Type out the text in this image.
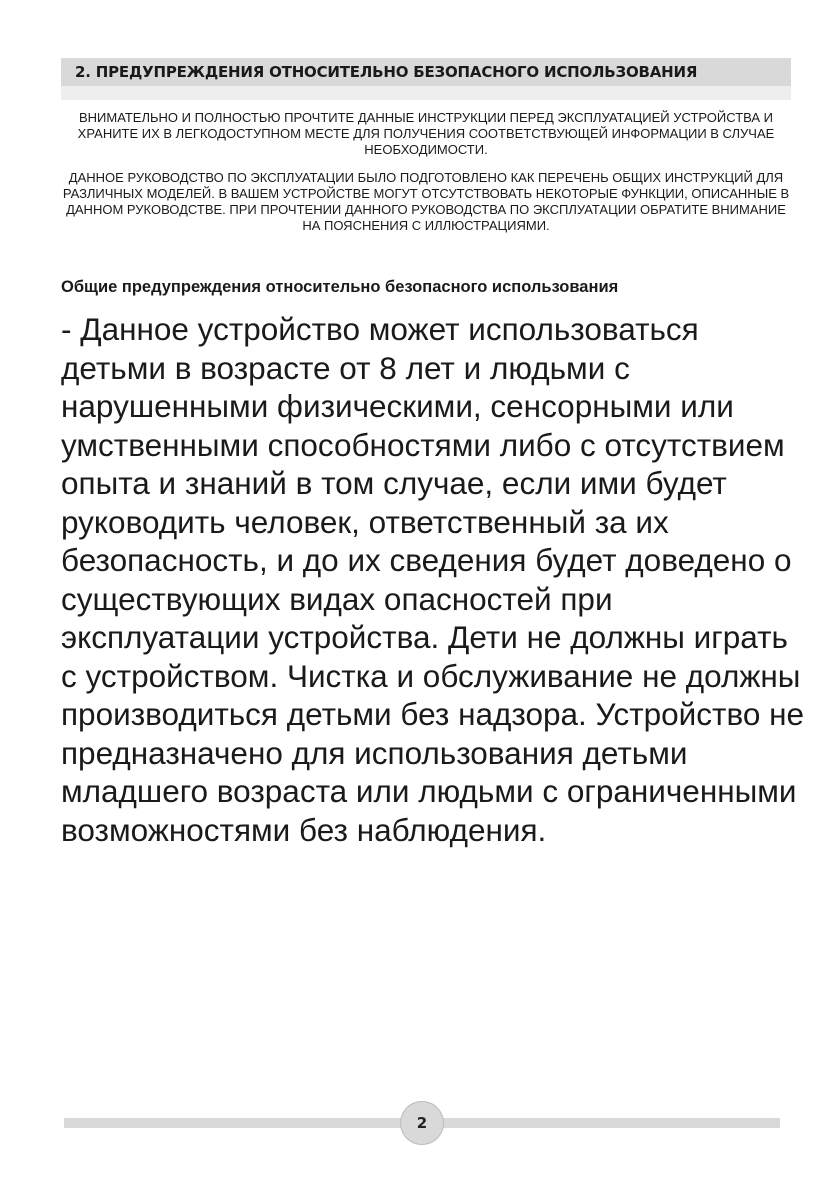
2. ПРЕДУПРЕЖДЕНИЯ ОТНОСИТЕЛЬНО БЕЗОПАСНОГО ИСПОЛЬЗОВАНИЯ

ВНИМАТЕЛЬНО И ПОЛНОСТЬЮ ПРОЧТИТЕ ДАННЫЕ ИНСТРУКЦИИ ПЕРЕД ЭКСПЛУАТАЦИЕЙ УСТРОЙСТВА И ХРАНИТЕ ИХ В ЛЕГКОДОСТУПНОМ МЕСТЕ ДЛЯ ПОЛУЧЕНИЯ СООТВЕТСТВУЮЩЕЙ ИНФОРМАЦИИ В СЛУЧАЕ НЕОБХОДИМОСТИ.

ДАННОЕ РУКОВОДСТВО ПО ЭКСПЛУАТАЦИИ БЫЛО ПОДГОТОВЛЕНО КАК ПЕРЕЧЕНЬ ОБЩИХ ИНСТРУКЦИЙ ДЛЯ РАЗЛИЧНЫХ МОДЕЛЕЙ. В ВАШЕМ УСТРОЙСТВЕ МОГУТ ОТСУТСТВОВАТЬ НЕКОТОРЫЕ ФУНКЦИИ, ОПИСАННЫЕ В ДАННОМ РУКОВОДСТВЕ. ПРИ ПРОЧТЕНИИ ДАННОГО РУКОВОДСТВА ПО ЭКСПЛУАТАЦИИ ОБРАТИТЕ ВНИМАНИЕ НА ПОЯСНЕНИЯ С ИЛЛЮСТРАЦИЯМИ.

Общие предупреждения относительно безопасного использования

- Данное устройство может использоваться детьми в возрасте от 8 лет и людьми с нарушенными физическими, сенсорными или умственными способностями либо с отсутствием опыта и знаний в том случае, если ими будет руководить человек, ответственный за их безопасность, и до их сведения будет доведено о существующих видах опасностей при эксплуатации устройства. Дети не должны играть с устройством. Чистка и обслуживание не должны производиться детьми без надзора. Устройство не предназначено для использования детьми младшего возраста или людьми с ограниченными возможностями без наблюдения.

2
